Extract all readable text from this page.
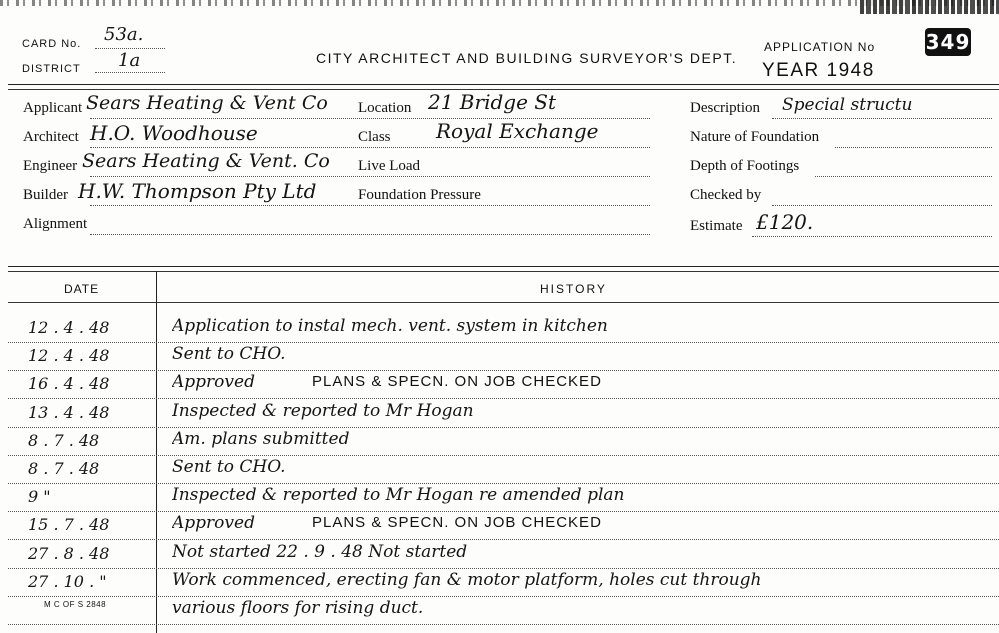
CARD No. 53a.
DISTRICT 1a	CITY ARCHITECT AND BUILDING SURVEYOR'S DEPT.
APPLICATION No	349
YEAR 1948
Applicant Sears Heating & Vent Co Location 21 Bridge St	Description Special structu
Architect H.O. Woodhouse	Class Royal Exchange	Nature of Foundation
Engineer Sears Heating & Vent. Co Live Load	Depth of Footings
Builder H.W. Thompson Pty Ltd	Foundation Pressure	Checked by
Alignment	Estimate £120.
DATE	HISTORY
12 . 4 . 48	Application to instal mech. vent. system in kitchen
12 . 4 . 48	Sent to CHO.
16 . 4 . 48	Approved	PLANS & SPECN. ON JOB CHECKED
13 . 4 . 48	Inspected & reported to Mr Hogan
8 . 7 . 48	Am. plans submitted
8 . 7 . 48	Sent to CHO.
9 "	Inspected & reported to Mr Hogan re amended plan
15 . 7 . 48	Approved	PLANS & SPECN. ON JOB CHECKED
27 . 8 . 48	Not started 22 . 9 . 48 Not started
27 . 10 . "	Work commenced, erecting fan & motor platform, holes cut through
various floors for rising duct.
M C OF S 2848
